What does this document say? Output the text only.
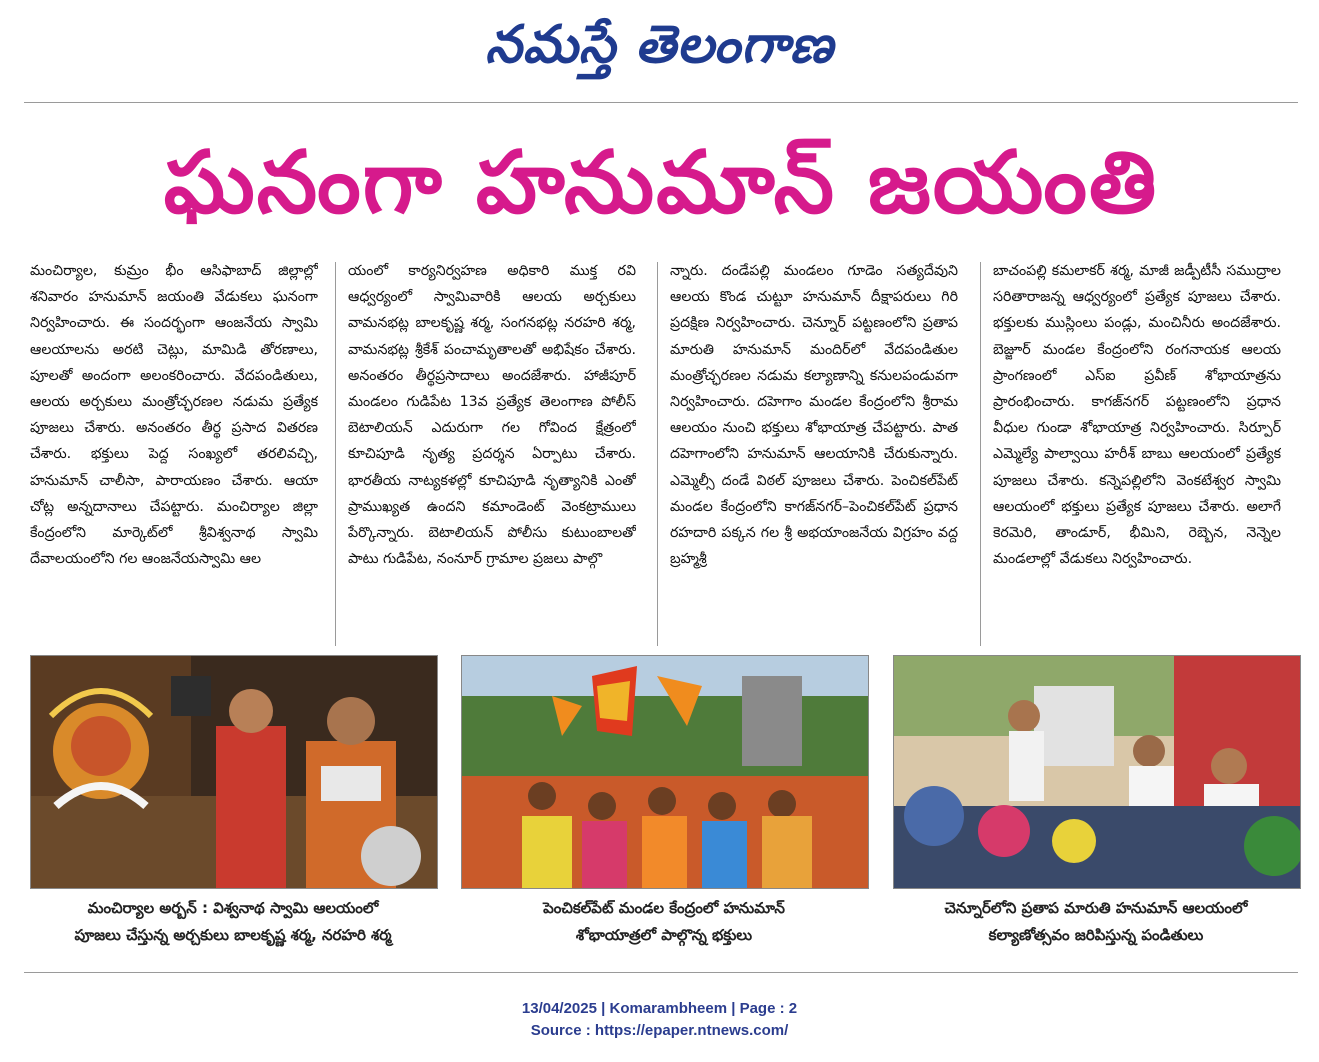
నమస్తే తెలంగాణ
ఘనంగా హనుమాన్ జయంతి

మంచిర్యాల, కుమ్రం భీం ఆసిఫాబాద్ జిల్లాల్లో శనివారం హనుమాన్ జయంతి వేడుకలు ఘనంగా నిర్వహించారు. ఈ సందర్భంగా ఆంజనేయ స్వామి ఆలయాలను అరటి చెట్లు, మామిడి తోరణాలు, పూలతో అందంగా అలంకరించారు. వేదపండితులు, ఆలయ అర్చకులు మంత్రోచ్ఛరణల నడుమ ప్రత్యేక పూజలు చేశారు. అనంతరం తీర్థ ప్రసాద వితరణ చేశారు. భక్తులు పెద్ద సంఖ్యలో తరలివచ్చి, హనుమాన్ చాలీసా, పారాయణం చేశారు. ఆయా చోట్ల అన్నదానాలు చేపట్టారు. మంచిర్యాల జిల్లా కేంద్రంలోని మార్కెట్‌లో శ్రీవిశ్వనాథ స్వామి దేవాలయంలోని గల ఆంజనేయస్వామి ఆల

యంలో కార్యనిర్వహణ అధికారి ముక్త రవి ఆధ్వర్యంలో స్వామివారికి ఆలయ అర్చకులు వామనభట్ల బాలకృష్ణ శర్మ, సంగనభట్ల నరహరి శర్మ, వామనభట్ల శ్రీకేశ్ పంచామృతాలతో అభిషేకం చేశారు. అనంతరం తీర్థప్రసాదాలు అందజేశారు. హాజీపూర్ మండలం గుడిపేట 13వ ప్రత్యేక తెలంగాణ పోలీస్ బెటాలియన్ ఎదురుగా గల గోవింద క్షేత్రంలో కూచిపూడి నృత్య ప్రదర్శన ఏర్పాటు చేశారు. భారతీయ నాట్యకళల్లో కూచిపూడి నృత్యానికి ఎంతో ప్రాముఖ్యత ఉందని కమాండెంట్ వెంకట్రాములు పేర్కొన్నారు. బెటాలియన్ పోలీసు కుటుంబాలతో పాటు గుడిపేట, నంనూర్ గ్రామాల ప్రజలు పాల్గొ

న్నారు. దండేపల్లి మండలం గూడెం సత్యదేవుని ఆలయ కొండ చుట్టూ హనుమాన్ దీక్షాపరులు గిరి ప్రదక్షిణ నిర్వహించారు. చెన్నూర్ పట్టణంలోని ప్రతాప మారుతి హనుమాన్ మందిర్‌లో వేదపండితుల మంత్రోచ్ఛరణల నడుమ కల్యాణాన్ని కనులపండువగా నిర్వహించారు. దహెగాం మండల కేంద్రంలోని శ్రీరామ ఆలయం నుంచి భక్తులు శోభాయాత్ర చేపట్టారు. పాత దహెగాంలోని హనుమాన్ ఆలయానికి చేరుకున్నారు. ఎమ్మెల్సీ దండే విఠల్ పూజలు చేశారు. పెంచికల్‌పేట్ మండల కేంద్రంలోని కాగజ్‌నగర్–పెంచికల్‌పేట్ ప్రధాన రహదారి పక్కన గల శ్రీ అభయాంజనేయ విగ్రహం వద్ద బ్రహ్మశ్రీ

బాచంపల్లి కమలాకర్ శర్మ, మాజీ జడ్పీటీసీ సముద్రాల సరితారాజన్న ఆధ్వర్యంలో ప్రత్యేక పూజలు చేశారు. భక్తులకు ముస్లింలు పండ్లు, మంచినీరు అందజేశారు. బెజ్జూర్ మండల కేంద్రంలోని రంగనాయక ఆలయ ప్రాంగణంలో ఎస్ఐ ప్రవీణ్ శోభాయాత్రను ప్రారంభించారు. కాగజ్‌నగర్ పట్టణంలోని ప్రధాన వీధుల గుండా శోభాయాత్ర నిర్వహించారు. సిర్పూర్ ఎమ్మెల్యే పాల్వాయి హరీశ్ బాబు ఆలయంలో ప్రత్యేక పూజలు చేశారు. కన్నెపల్లిలోని వెంకటేశ్వర స్వామి ఆలయంలో భక్తులు ప్రత్యేక పూజలు చేశారు. అలాగే కెరమెరి, తాండూర్, భీమిని, రెబ్బెన, నెన్నెల మండలాల్లో వేడుకలు నిర్వహించారు.

మంచిర్యాల అర్బన్ : విశ్వనాథ స్వామి ఆలయంలో
పూజలు చేస్తున్న అర్చకులు బాలకృష్ణ శర్మ, నరహరి శర్మ
పెంచికల్‌పేట్ మండల కేంద్రంలో హనుమాన్
శోభాయాత్రలో పాల్గొన్న భక్తులు
చెన్నూర్‌లోని ప్రతాప మారుతి హనుమాన్ ఆలయంలో
కల్యాణోత్సవం జరిపిస్తున్న పండితులు
13/04/2025 | Komarambheem | Page : 2
Source : https://epaper.ntnews.com/
